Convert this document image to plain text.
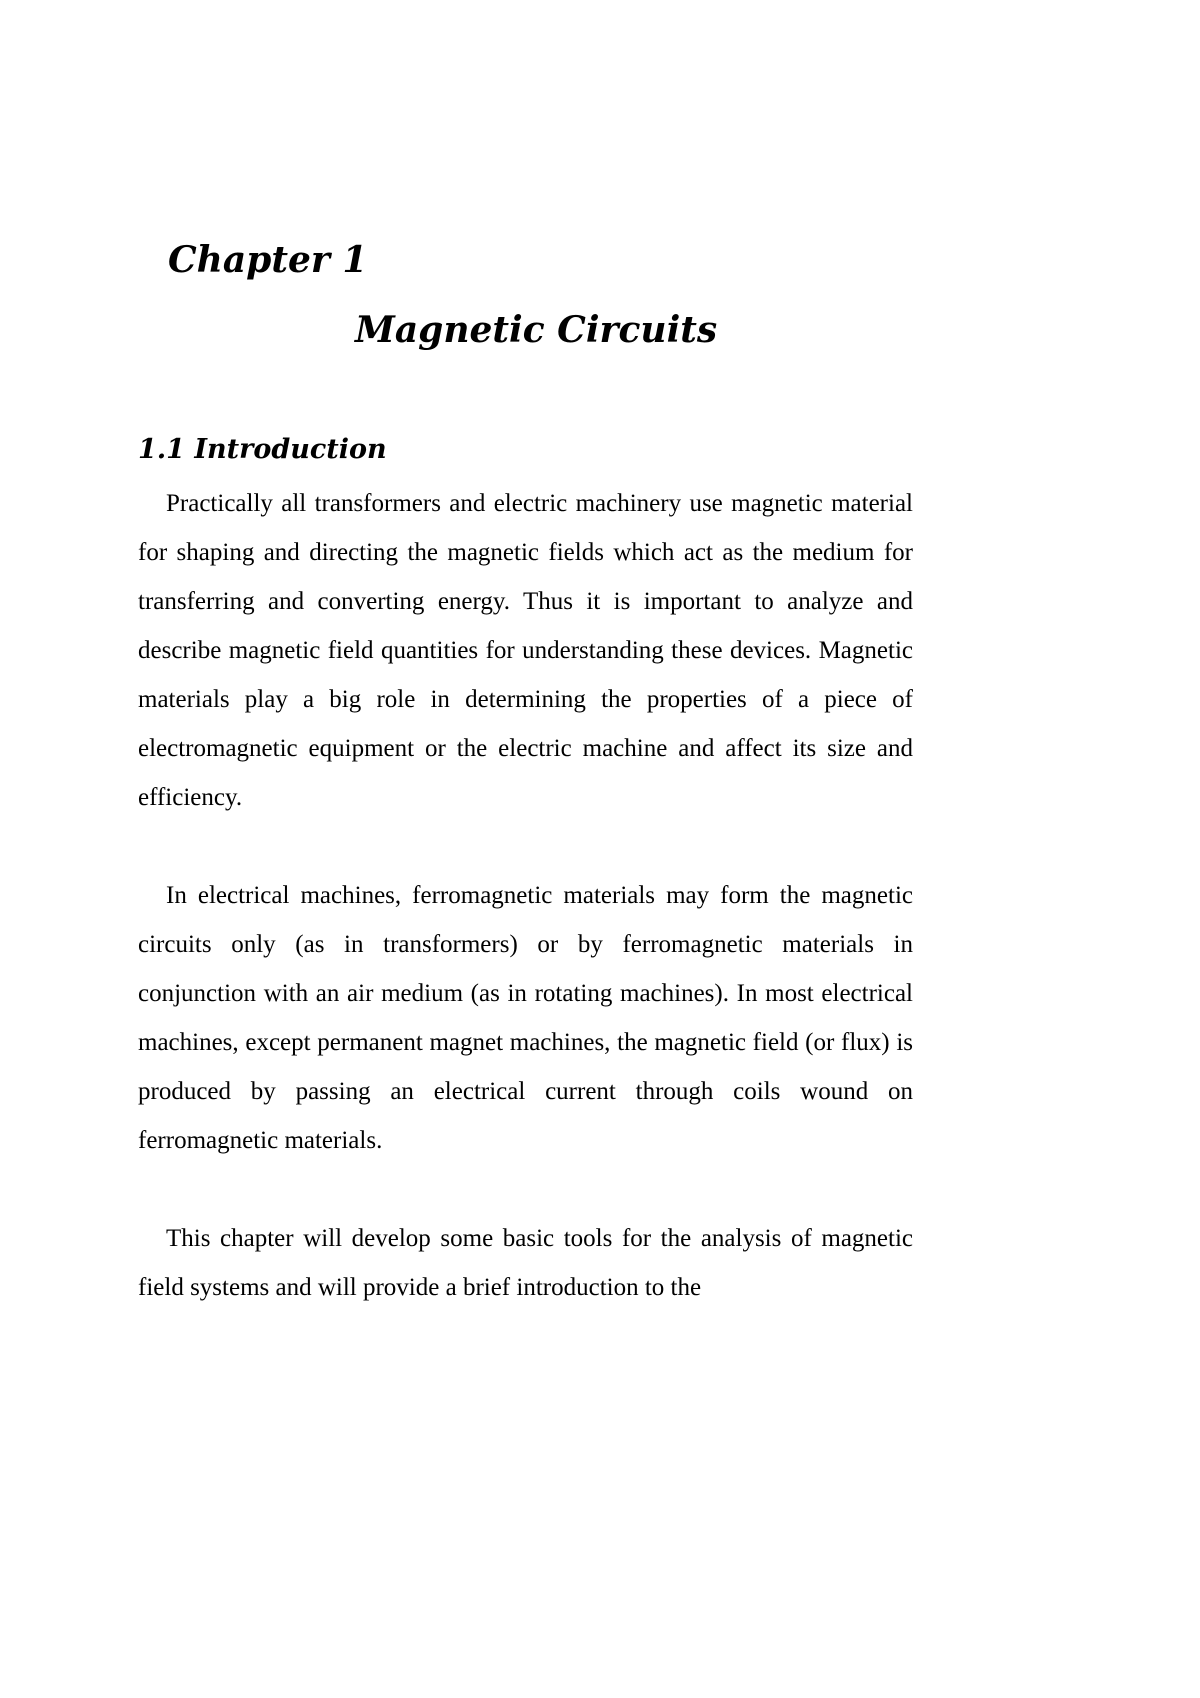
Chapter 1
Magnetic Circuits
1.1 Introduction

Practically all transformers and electric machinery use magnetic material for shaping and directing the magnetic fields which act as the medium for transferring and converting energy. Thus it is important to analyze and describe magnetic field quantities for understanding these devices. Magnetic materials play a big role in determining the properties of a piece of electromagnetic equipment or the electric machine and affect its size and efficiency.

In electrical machines, ferromagnetic materials may form the magnetic circuits only (as in transformers) or by ferromagnetic materials in conjunction with an air medium (as in rotating machines). In most electrical machines, except permanent magnet machines, the magnetic field (or flux) is produced by passing an electrical current through coils wound on ferromagnetic materials.

This chapter will develop some basic tools for the analysis of magnetic field systems and will provide a brief introduction to the
